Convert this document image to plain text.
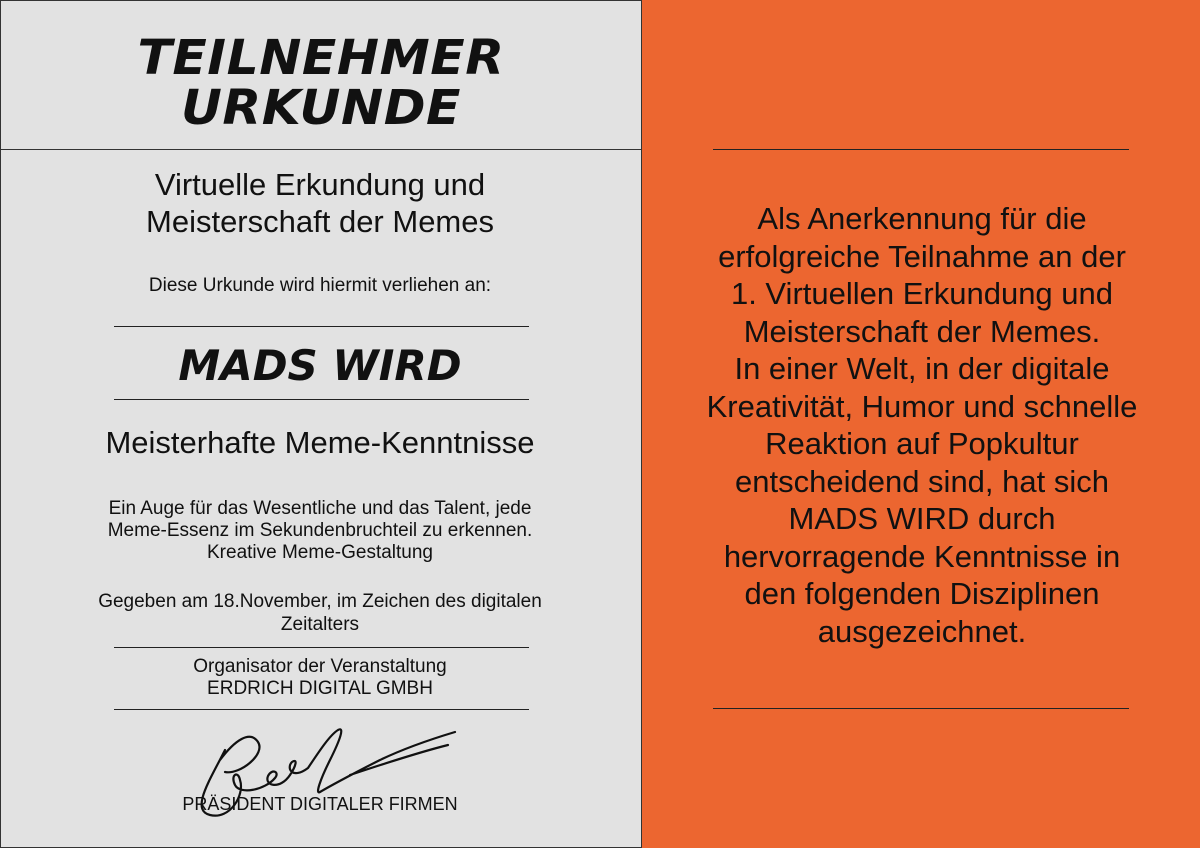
TEILNEHMER
URKUNDE
Virtuelle Erkundung und
Meisterschaft der Memes
Diese Urkunde wird hiermit verliehen an:
MADS WIRD
Meisterhafte Meme-Kenntnisse
Ein Auge für das Wesentliche und das Talent, jede
Meme-Essenz im Sekundenbruchteil zu erkennen.
Kreative Meme-Gestaltung
Gegeben am 18.November, im Zeichen des digitalen
Zeitalters
Organisator der Veranstaltung
ERDRICH DIGITAL GMBH
PRÄSIDENT DIGITALER FIRMEN
Als Anerkennung für die
erfolgreiche Teilnahme an der
1. Virtuellen Erkundung und
Meisterschaft der Memes.
In einer Welt, in der digitale
Kreativität, Humor und schnelle
Reaktion auf Popkultur
entscheidend sind, hat sich
MADS WIRD durch
hervorragende Kenntnisse in
den folgenden Disziplinen
ausgezeichnet.
